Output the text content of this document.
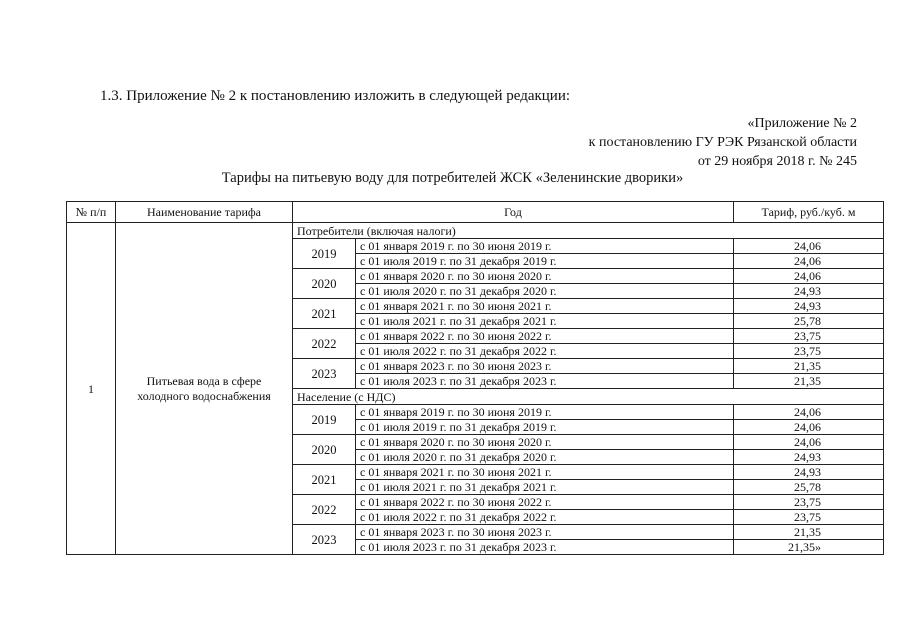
1.3. Приложение № 2 к постановлению изложить в следующей редакции:
«Приложение № 2
к постановлению ГУ РЭК Рязанской области
от 29 ноября 2018 г. № 245
Тарифы на питьевую воду для потребителей ЖСК «Зеленинские дворики»
№ п/п	Наименование тарифа	Год		Тариф, руб./куб. м
1	Питьевая вода в сфере холодного водоснабжения	Потребители (включая налоги)		
		2019	с 01 января 2019 г. по 30 июня 2019 г.	24,06
			с 01 июля 2019 г. по 31 декабря 2019 г.	24,06
		2020	с 01 января 2020 г. по 30 июня 2020 г.	24,06
			с 01 июля 2020 г. по 31 декабря 2020 г.	24,93
		2021	с 01 января 2021 г. по 30 июня 2021 г.	24,93
			с 01 июля 2021 г. по 31 декабря 2021 г.	25,78
		2022	с 01 января 2022 г. по 30 июня 2022 г.	23,75
			с 01 июля 2022 г. по 31 декабря 2022 г.	23,75
		2023	с 01 января 2023 г. по 30 июня 2023 г.	21,35
			с 01 июля 2023 г. по 31 декабря 2023 г.	21,35
		Население (с НДС)		
		2019	с 01 января 2019 г. по 30 июня 2019 г.	24,06
			с 01 июля 2019 г. по 31 декабря 2019 г.	24,06
		2020	с 01 января 2020 г. по 30 июня 2020 г.	24,06
			с 01 июля 2020 г. по 31 декабря 2020 г.	24,93
		2021	с 01 января 2021 г. по 30 июня 2021 г.	24,93
			с 01 июля 2021 г. по 31 декабря 2021 г.	25,78
		2022	с 01 января 2022 г. по 30 июня 2022 г.	23,75
			с 01 июля 2022 г. по 31 декабря 2022 г.	23,75
		2023	с 01 января 2023 г. по 30 июня 2023 г.	21,35
			с 01 июля 2023 г. по 31 декабря 2023 г.	21,35»
